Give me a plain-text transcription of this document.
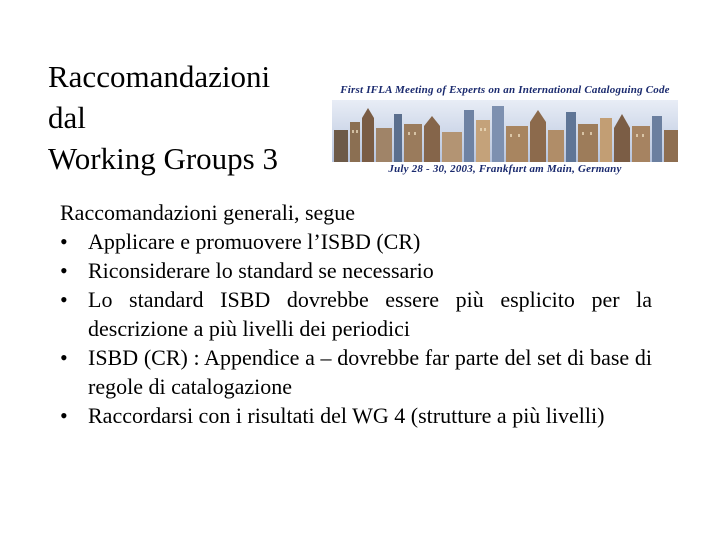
Raccomandazioni
dal
Working Groups 3
First IFLA Meeting of Experts on an International Cataloguing Code
July 28 - 30, 2003, Frankfurt am Main, Germany

Raccomandazioni generali, segue

• Applicare e promuovere l’ISBD (CR)
• Riconsiderare lo standard se necessario
• Lo standard ISBD dovrebbe essere più esplicito per la descrizione a più livelli dei periodici
• ISBD (CR) : Appendice a – dovrebbe far parte del set di base di regole di catalogazione
• Raccordarsi con i risultati del WG 4 (strutture a più livelli)
